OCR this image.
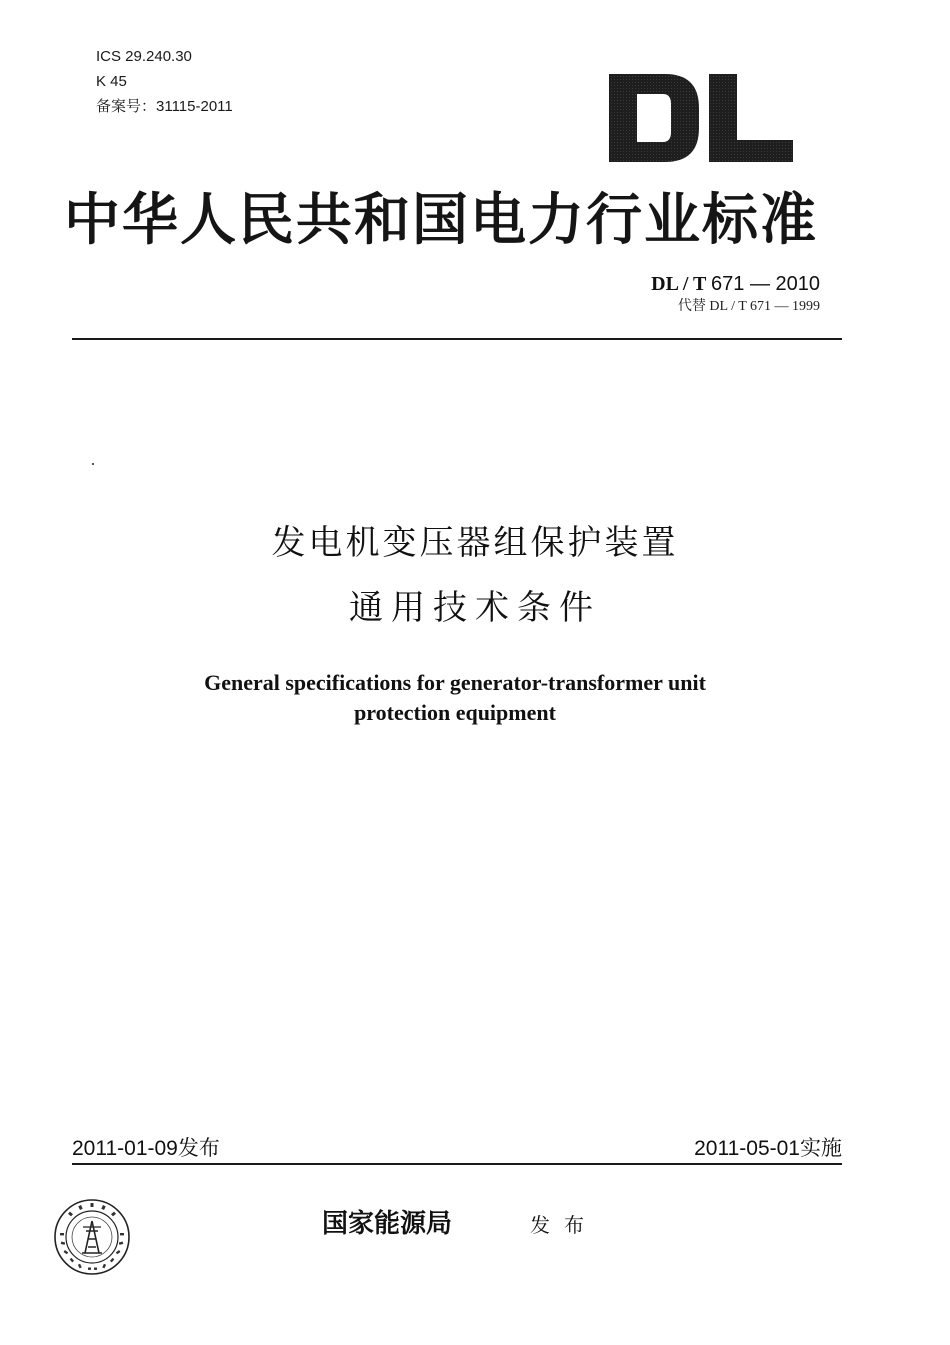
ICS 29.240.30
K 45
备案号：31115-2011
中华人民共和国电力行业标准
DL / T 671 — 2010
代替 DL / T 671 — 1999
发电机变压器组保护装置
通用技术条件
General specifications for generator-transformer unit
protection equipment
2011-01-09发布	2011-05-01实施
国家能源局	发布
